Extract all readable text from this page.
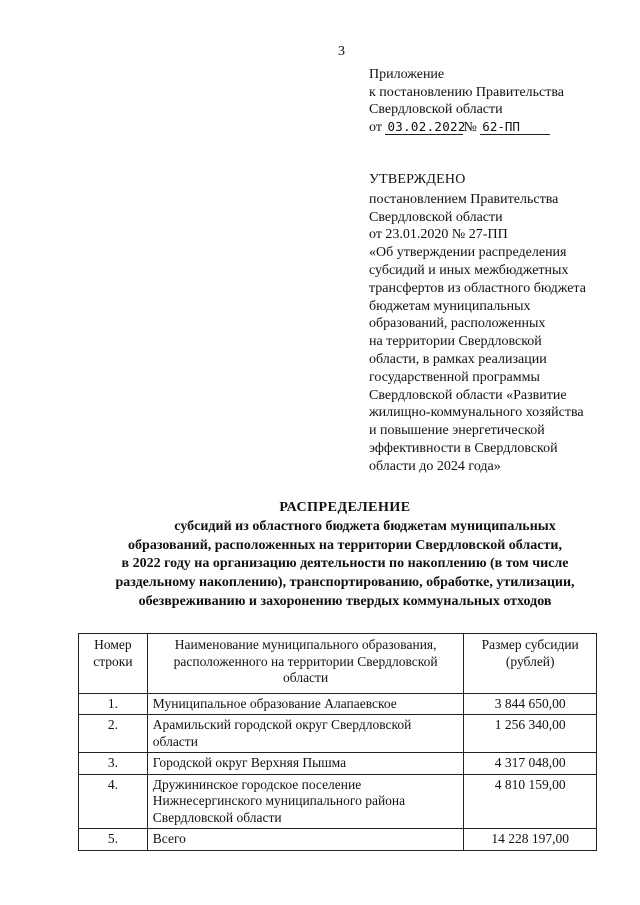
3
Приложение
к постановлению Правительства
Свердловской области
от 03.02.2022№ 62-ПП
УТВЕРЖДЕНО
постановлением Правительства
Свердловской области
от 23.01.2020 № 27-ПП
«Об утверждении распределения
субсидий и иных межбюджетных
трансфертов из областного бюджета
бюджетам муниципальных
образований, расположенных
на территории Свердловской
области, в рамках реализации
государственной программы
Свердловской области «Развитие
жилищно-коммунального хозяйства
и повышение энергетической
эффективности в Свердловской
области до 2024 года»
РАСПРЕДЕЛЕНИЕ
субсидий из областного бюджета бюджетам муниципальных
образований, расположенных на территории Свердловской области,
в 2022 году на организацию деятельности по накоплению (в том числе
раздельному накоплению), транспортированию, обработке, утилизации,
обезвреживанию и захоронению твердых коммунальных отходов
Номер строки	Наименование муниципального образования, расположенного на территории Свердловской области	Размер субсидии (рублей)
1.	Муниципальное образование Алапаевское	3 844 650,00
2.	Арамильский городской округ Свердловской области	1 256 340,00
3.	Городской округ Верхняя Пышма	4 317 048,00
4.	Дружининское городское поселение Нижнесергинского муниципального района Свердловской области	4 810 159,00
5.	Всего	14 228 197,00
